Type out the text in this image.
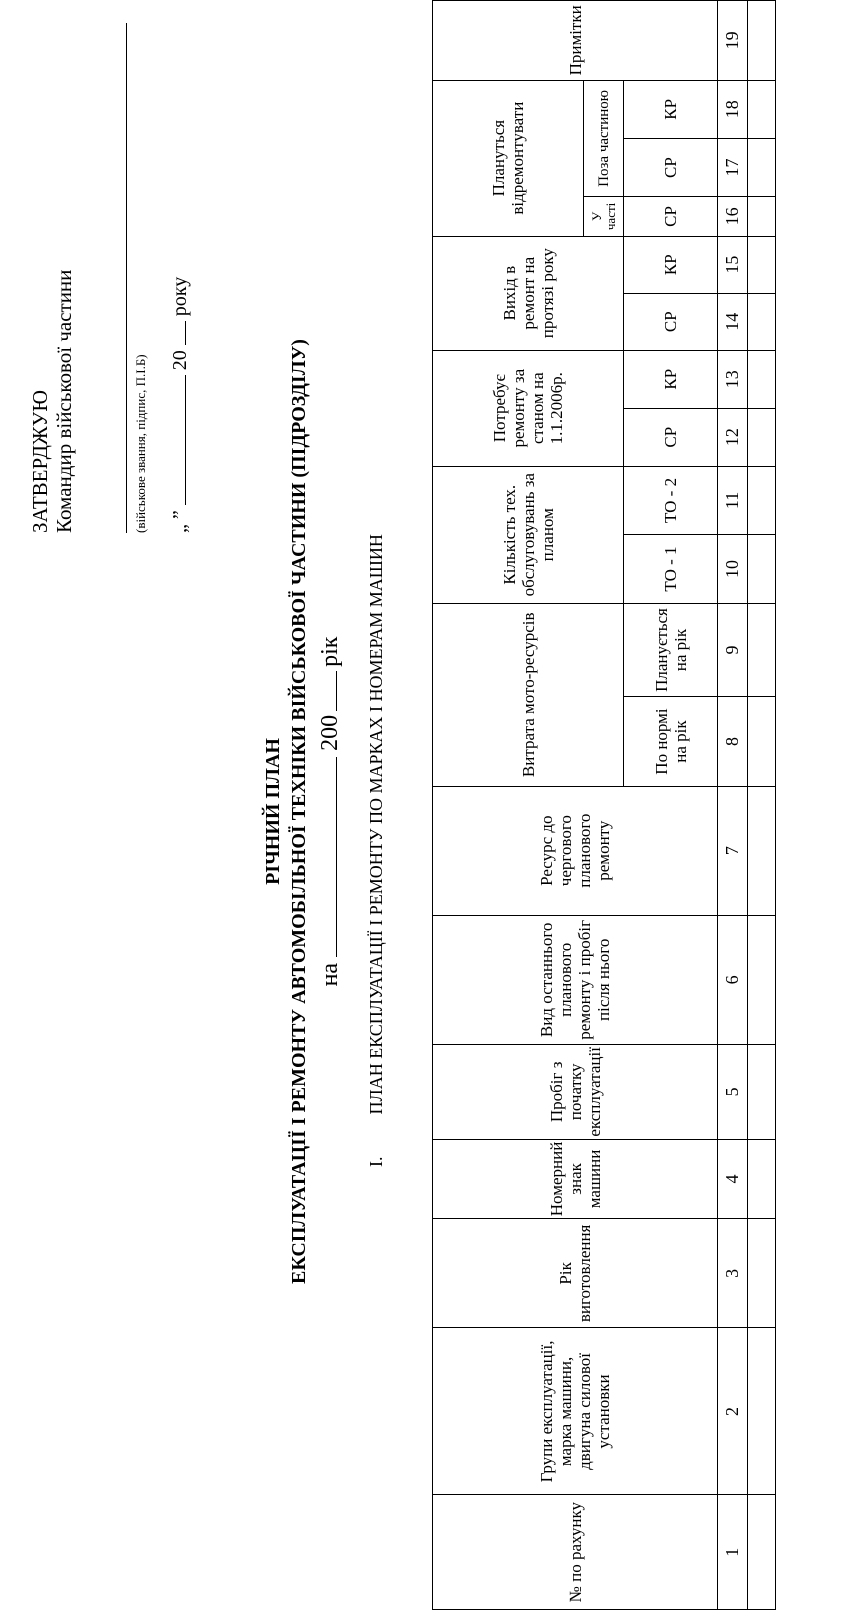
ЗАТВЕРДЖУЮ Командир військової частини	(військове звання, підпис, П.І.Б) „ ”  20  року
РІЧНИЙ ПЛАН ЕКСПЛУАТАЦІЇ І РЕМОНТУ АВТОМОБІЛЬНОЇ ТЕХНІКИ ВІЙСЬКОВОЇ ЧАСТИНИ (ПІДРОЗДІЛУ) на200рік
I.ПЛАН ЕКСПЛУАТАЦІЇ І РЕМОНТУ ПО МАРКАХ І НОМЕРАМ МАШИН
№ по рахунку	Групи експлуатації, марка машини, двигуна силової установки	Рік виготовлення	Номерний знак машини	Пробіг з початку експлуатації	Вид останнього планового ремонту і пробіг після нього	Ресурс до чергового планового ремонту	Витрата мото-ресурсів		Кількість тех. обслуговувань за планом		Потребує ремонту за станом на 1.1.2006р.		Вихід в ремонт на протязі року		Плануться відремонтувати			Примітки
															У частi	Поза частиною		
							По нормі на рік	Планується на рік	ТО - 1	ТО - 2	СР	КР	СР	КР	СР	СР	КР	
1	2	3	4	5	6	7	8	9	10	11	12	13	14	15	16	17	18	19
